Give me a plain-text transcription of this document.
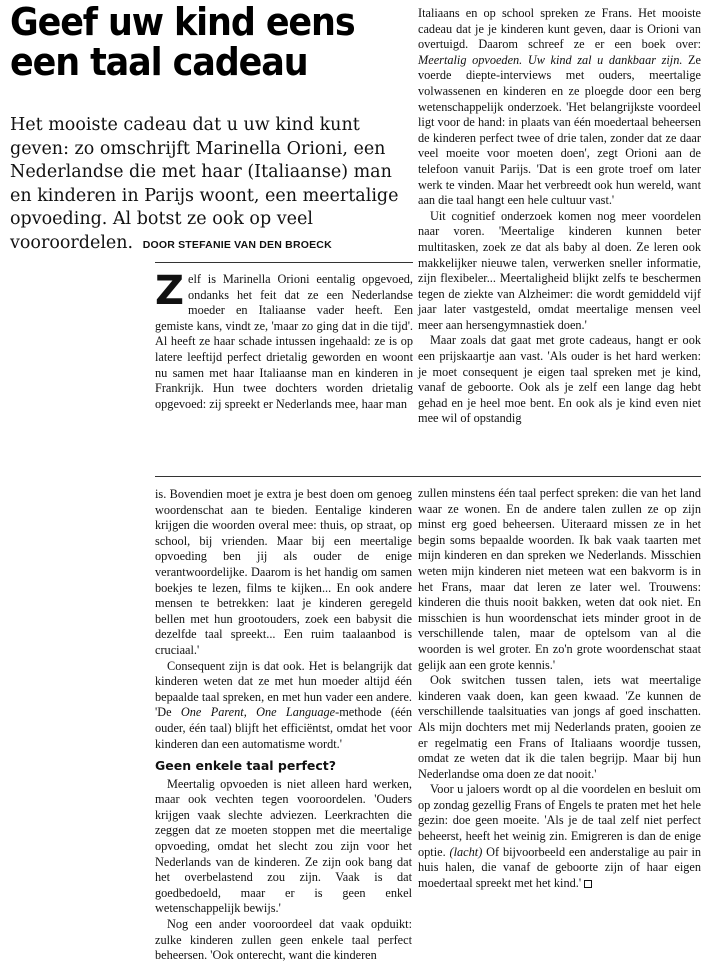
Geef uw kind eens
een taal cadeau
Het mooiste cadeau dat u uw kind kunt geven: zo omschrijft Marinella Orioni, een Nederlandse die met haar (Italiaanse) man en kinderen in Parijs woont, een meertalige opvoeding. Al botst ze ook op veel vooroordelen. DOOR STEFANIE VAN DEN BROECK

Zelf is Marinella Orioni eentalig opgevoed, ondanks het feit dat ze een Nederlandse moeder en Italiaanse vader heeft. Een gemiste kans, vindt ze, 'maar zo ging dat in die tijd'. Al heeft ze haar schade intussen ingehaald: ze is op latere leeftijd perfect drietalig geworden en woont nu samen met haar Italiaanse man en kinderen in Frankrijk. Hun twee dochters worden drietalig opgevoed: zij spreekt er Nederlands mee, haar man

Italiaans en op school spreken ze Frans. Het mooiste cadeau dat je je kinderen kunt geven, daar is Orioni van overtuigd. Daarom schreef ze er een boek over: Meertalig opvoeden. Uw kind zal u dankbaar zijn. Ze voerde diepte-interviews met ouders, meertalige volwassenen en kinderen en ze ploegde door een berg wetenschappelijk onderzoek. 'Het belangrijkste voordeel ligt voor de hand: in plaats van één moedertaal beheersen de kinderen perfect twee of drie talen, zonder dat ze daar veel moeite voor moeten doen', zegt Orioni aan de telefoon vanuit Parijs. 'Dat is een grote troef om later werk te vinden. Maar het verbreedt ook hun wereld, want aan die taal hangt een hele cultuur vast.'

Uit cognitief onderzoek komen nog meer voordelen naar voren. 'Meertalige kinderen kunnen beter multitasken, zoek ze dat als baby al doen. Ze leren ook makkelijker nieuwe talen, verwerken sneller informatie, zijn flexibeler... Meertaligheid blijkt zelfs te beschermen tegen de ziekte van Alzheimer: die wordt gemiddeld vijf jaar later vastgesteld, omdat meertalige mensen veel meer aan hersengymnastiek doen.'

Maar zoals dat gaat met grote cadeaus, hangt er ook een prijskaartje aan vast. 'Als ouder is het hard werken: je moet consequent je eigen taal spreken met je kind, vanaf de geboorte. Ook als je zelf een lange dag hebt gehad en je heel moe bent. En ook als je kind even niet mee wil of opstandig

is. Bovendien moet je extra je best doen om genoeg woordenschat aan te bieden. Eentalige kinderen krijgen die woorden overal mee: thuis, op straat, op school, bij vrienden. Maar bij een meertalige opvoeding ben jij als ouder de enige verantwoordelijke. Daarom is het handig om samen boekjes te lezen, films te kijken... En ook andere mensen te betrekken: laat je kinderen geregeld bellen met hun grootouders, zoek een babysit die dezelfde taal spreekt... Een ruim taalaanbod is cruciaal.'

Consequent zijn is dat ook. Het is belangrijk dat kinderen weten dat ze met hun moeder altijd één bepaalde taal spreken, en met hun vader een andere. 'De One Parent, One Language-methode (één ouder, één taal) blijft het efficiëntst, omdat het voor kinderen dan een automatisme wordt.'

Geen enkele taal perfect?

Meertalig opvoeden is niet alleen hard werken, maar ook vechten tegen vooroordelen. 'Ouders krijgen vaak slechte adviezen. Leerkrachten die zeggen dat ze moeten stoppen met die meertalige opvoeding, omdat het slecht zou zijn voor het Nederlands van de kinderen. Ze zijn ook bang dat het overbelastend zou zijn. Vaak is dat goedbedoeld, maar er is geen enkel wetenschappelijk bewijs.'

Nog een ander vooroordeel dat vaak opduikt: zulke kinderen zullen geen enkele taal perfect beheersen. 'Ook onterecht, want die kinderen

zullen minstens één taal perfect spreken: die van het land waar ze wonen. En de andere talen zullen ze op zijn minst erg goed beheersen. Uiteraard missen ze in het begin soms bepaalde woorden. Ik bak vaak taarten met mijn kinderen en dan spreken we Nederlands. Misschien weten mijn kinderen niet meteen wat een bakvorm is in het Frans, maar dat leren ze later wel. Trouwens: kinderen die thuis nooit bakken, weten dat ook niet. En misschien is hun woordenschat iets minder groot in de verschillende talen, maar de optelsom van al die woorden is wel groter. En zo'n grote woordenschat staat gelijk aan een grote kennis.'

Ook switchen tussen talen, iets wat meertalige kinderen vaak doen, kan geen kwaad. 'Ze kunnen de verschillende taalsituaties van jongs af goed inschatten. Als mijn dochters met mij Nederlands praten, gooien ze er regelmatig een Frans of Italiaans woordje tussen, omdat ze weten dat ik die talen begrijp. Maar bij hun Nederlandse oma doen ze dat nooit.'

Voor u jaloers wordt op al die voordelen en besluit om op zondag gezellig Frans of Engels te praten met het hele gezin: doe geen moeite. 'Als je de taal zelf niet perfect beheerst, heeft het weinig zin. Emigreren is dan de enige optie. (lacht) Of bijvoorbeeld een anderstalige au pair in huis halen, die vanaf de geboorte zijn of haar eigen moedertaal spreekt met het kind.'
